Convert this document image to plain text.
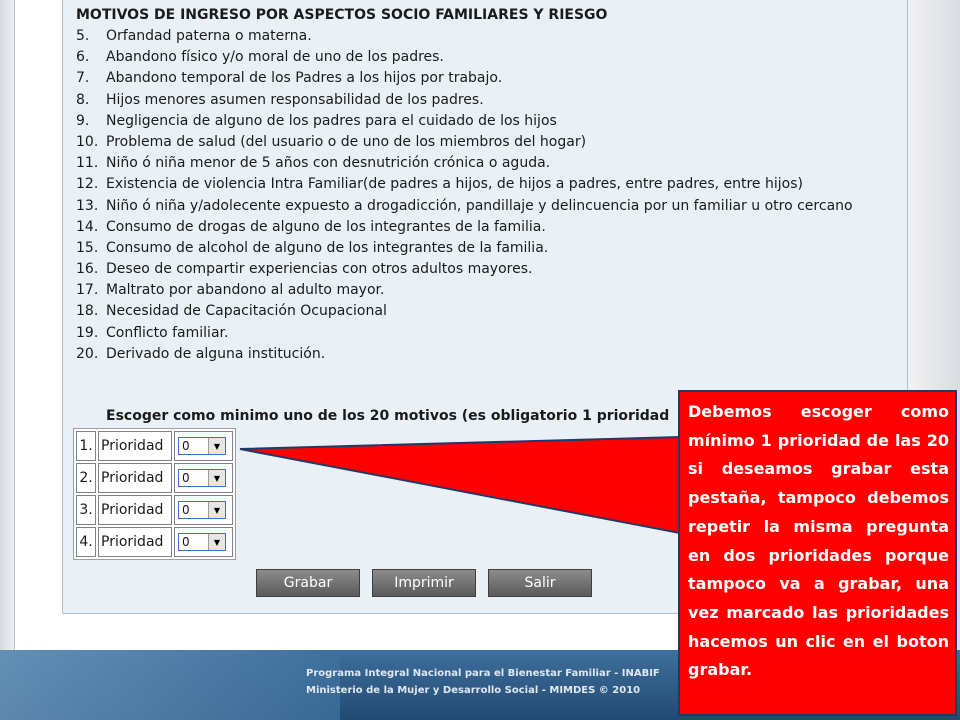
MOTIVOS DE INGRESO POR ASPECTOS SOCIO FAMILIARES Y RIESGO
5. Orfandad paterna o materna.
6. Abandono físico y/o moral de uno de los padres.
7. Abandono temporal de los Padres a los hijos por trabajo.
8. Hijos menores asumen responsabilidad de los padres.
9. Negligencia de alguno de los padres para el cuidado de los hijos
10. Problema de salud (del usuario o de uno de los miembros del hogar)
11. Niño ó niña menor de 5 años con desnutrición crónica o aguda.
12. Existencia de violencia Intra Familiar(de padres a hijos, de hijos a padres, entre padres, entre hijos)
13. Niño ó niña y/adolecente expuesto a drogadicción, pandillaje y delincuencia por un familiar u otro cercano
14. Consumo de drogas de alguno de los integrantes de la familia.
15. Consumo de alcohol de alguno de los integrantes de la familia.
16. Deseo de compartir experiencias con otros adultos mayores.
17. Maltrato por abandono al adulto mayor.
18. Necesidad de Capacitación Ocupacional
19. Conflicto familiar.
20. Derivado de alguna institución.
Escoger como minimo uno de los 20 motivos (es obligatorio 1 prioridad
1.	Prioridad	0 ▼

2.	Prioridad	0 ▼

3.	Prioridad	0 ▼

4.	Prioridad	0 ▼
Grabar	Imprimir	Salir
Programa Integral Nacional para el Bienestar Familiar - INABIF
Ministerio de la Mujer y Desarrollo Social - MIMDES © 2010

Debemos escoger como mínimo 1 prioridad de las 20 si deseamos grabar esta pestaña, tampoco debemos repetir la misma pregunta en dos prioridades porque tampoco va a grabar, una vez marcado las prioridades hacemos un clic en el boton grabar.
